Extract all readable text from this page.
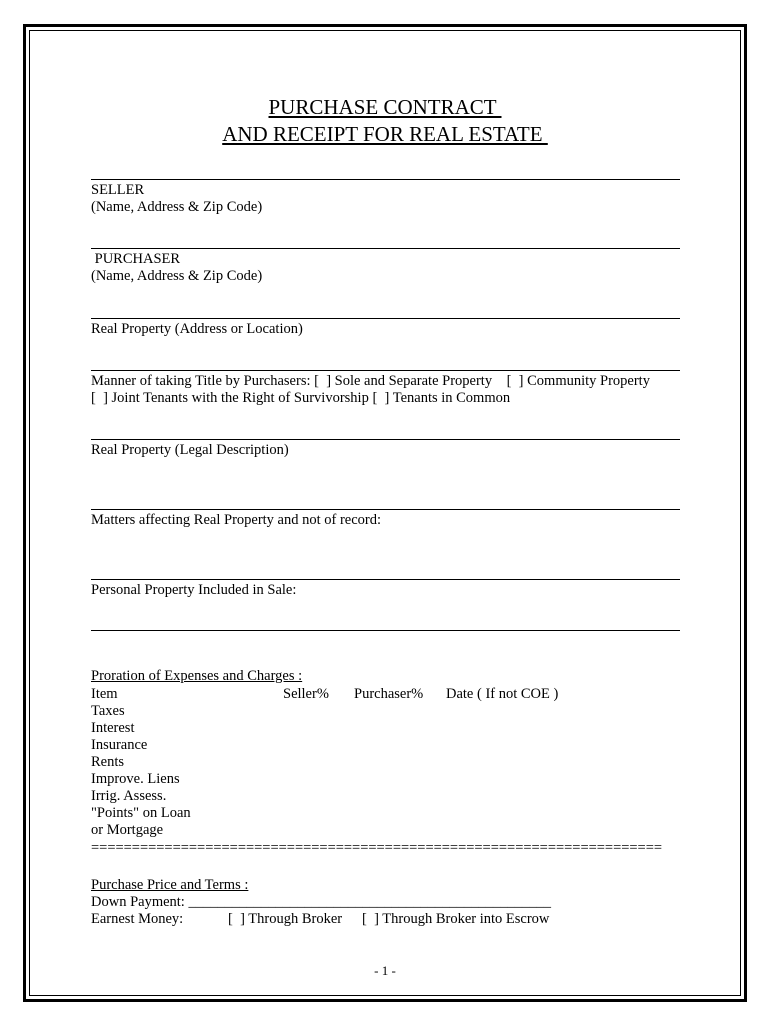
PURCHASE CONTRACT
AND RECEIPT FOR REAL ESTATE
SELLER
(Name, Address & Zip Code)
PURCHASER
(Name, Address & Zip Code)
Real Property (Address or Location)
Manner of taking Title by Purchasers: [  ] Sole and Separate Property    [  ] Community Property
[  ] Joint Tenants with the Right of Survivorship [  ] Tenants in Common
Real Property (Legal Description)
Matters affecting Real Property and not of record:
Personal Property Included in Sale:
Proration of Expenses and Charges :
Item	Seller% Purchaser% Date ( If not COE )
Taxes
Interest
Insurance
Rents
Improve. Liens
Irrig. Assess.
"Points" on Loan
or Mortgage
======================================================================
Purchase Price and Terms :
Down Payment: __________________________________________________
Earnest Money:	[  ] Through Broker [  ] Through Broker into Escrow
- 1 -
